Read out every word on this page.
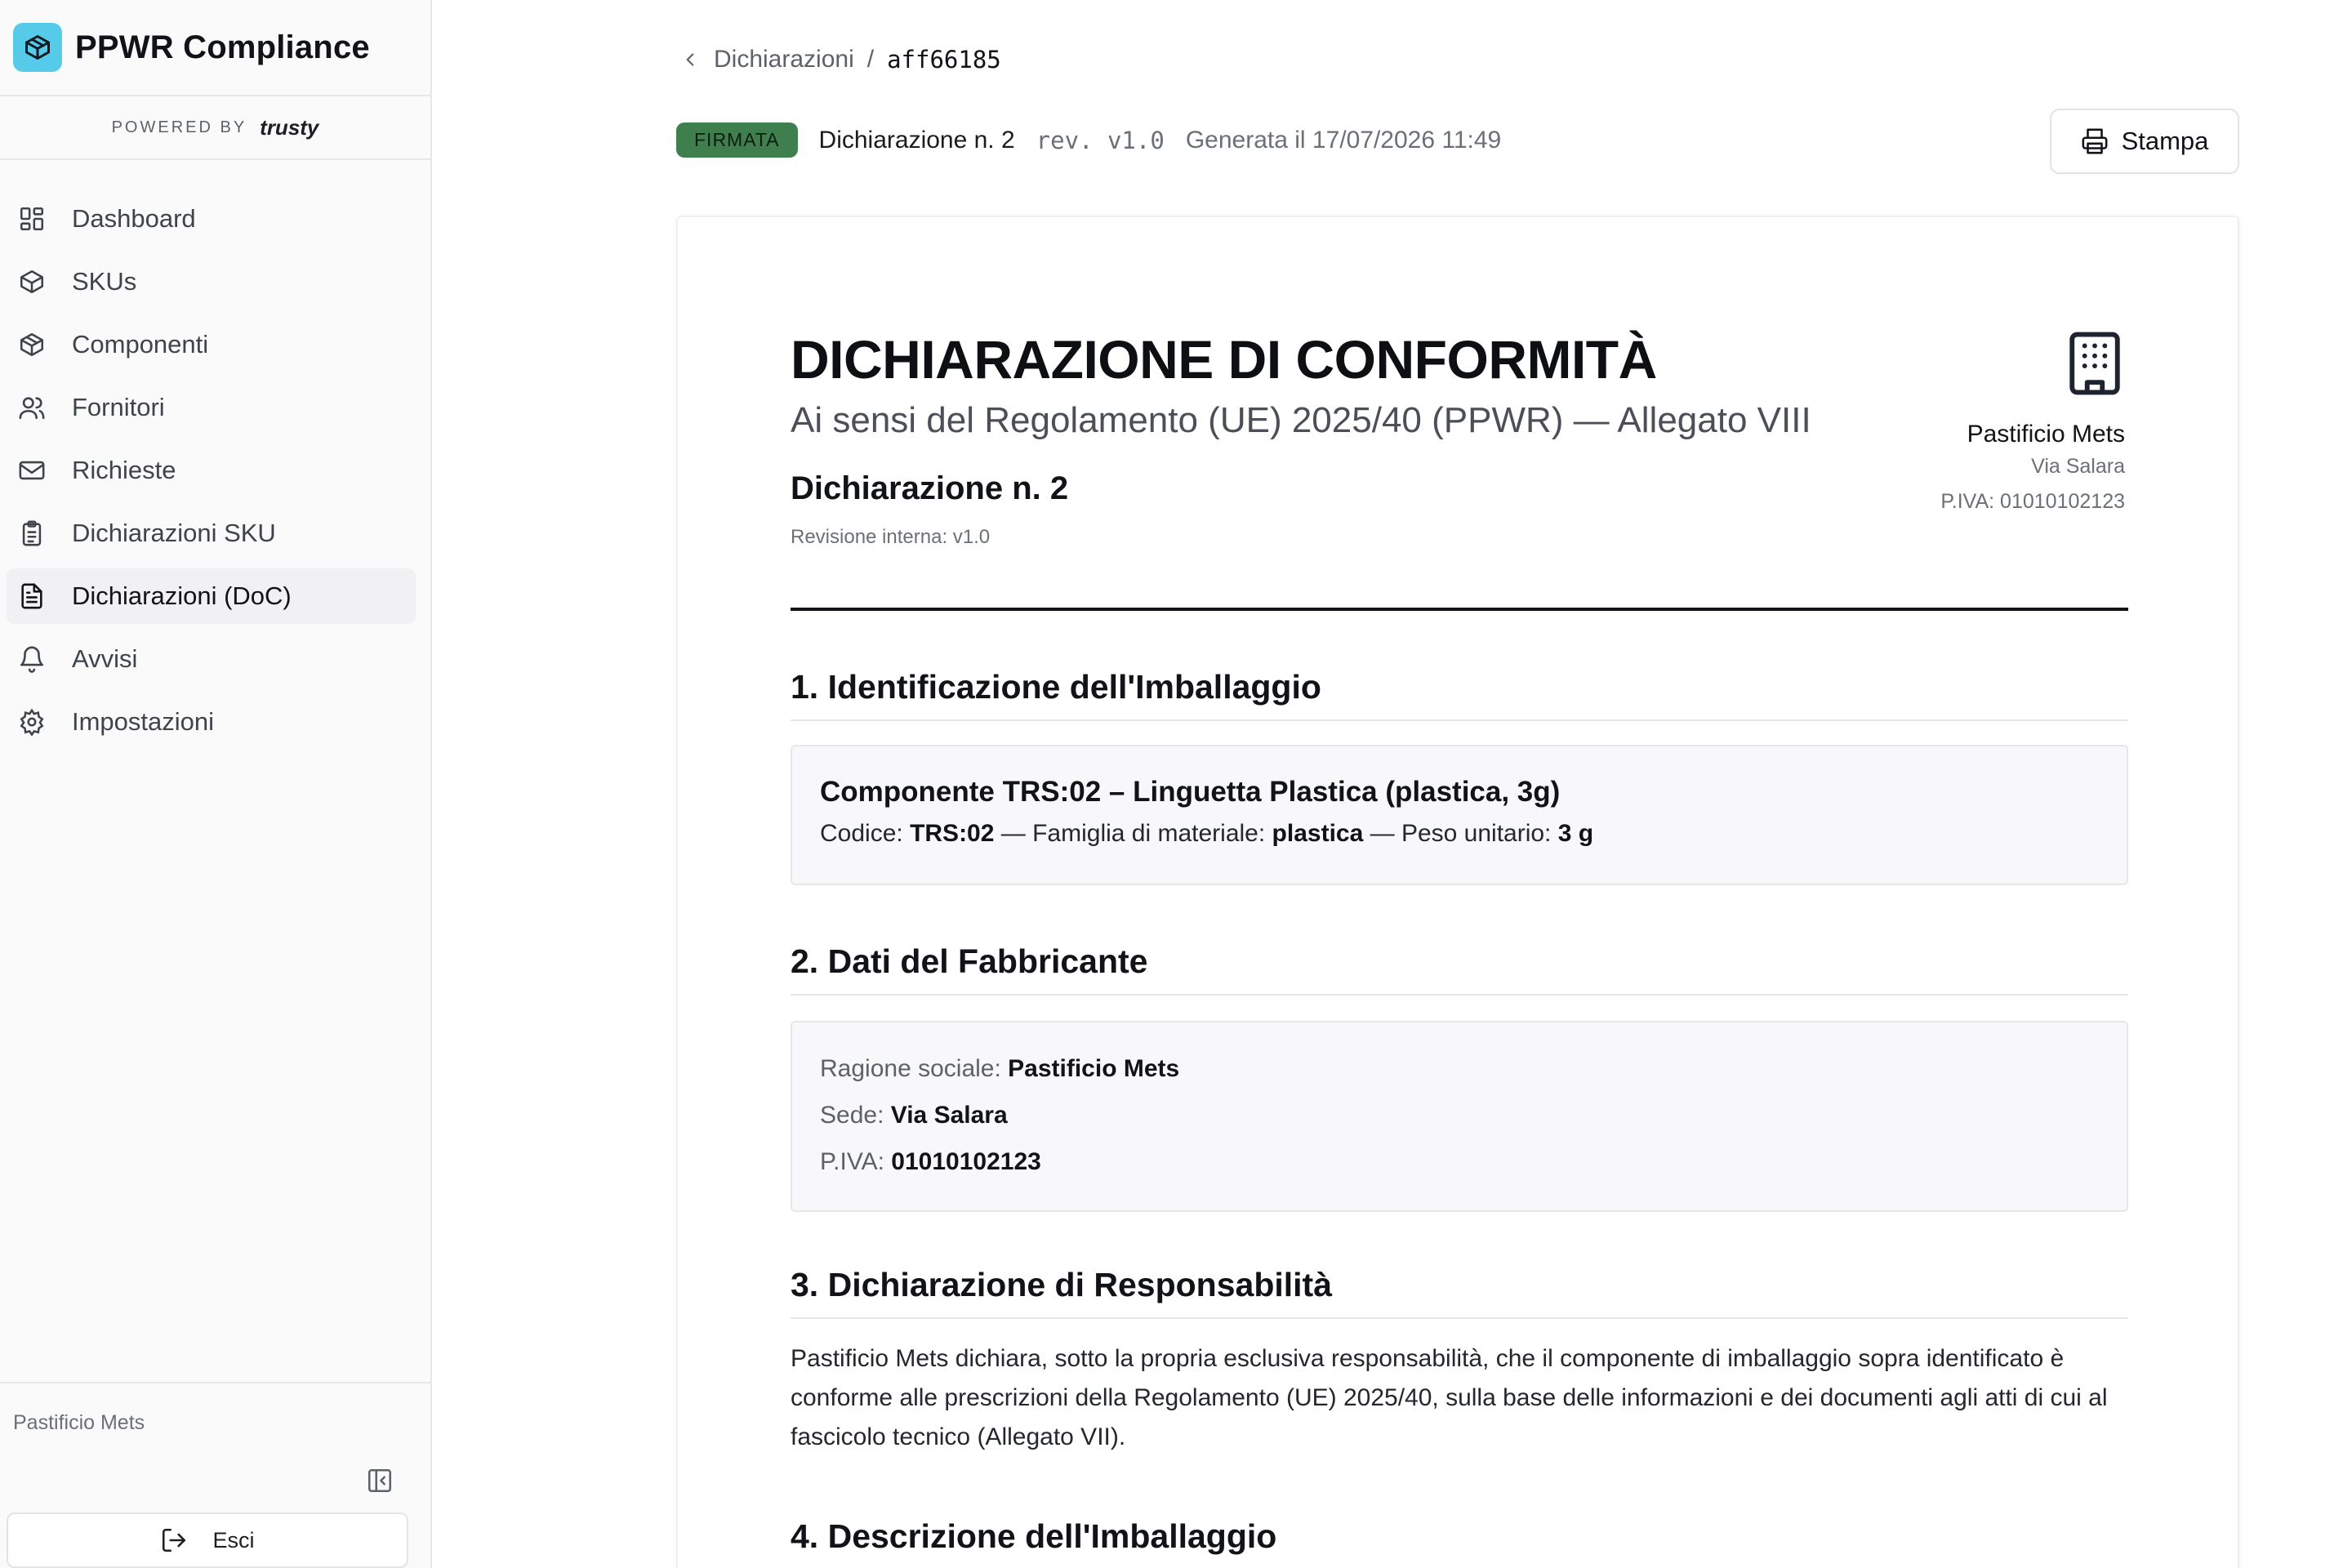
PPWR Compliance
POWERED BY trusty
Dashboard
SKUs
Componenti
Fornitori
Richieste
Dichiarazioni SKU
Dichiarazioni (DoC)
Avvisi
Impostazioni
Pastificio Mets
Esci
Dichiarazioni / aff66185
FIRMATA	Dichiarazione n. 2 rev. v1.0 Generata il 17/07/2026 11:49	Stampa
DICHIARAZIONE DI CONFORMITÀ
Ai sensi del Regolamento (UE) 2025/40 (PPWR) — Allegato VIII
Dichiarazione n. 2
Revisione interna: v1.0
Pastificio Mets
Via Salara
P.IVA: 01010102123
1. Identificazione dell'Imballaggio
Componente TRS:02 – Linguetta Plastica (plastica, 3g)
Codice: TRS:02 — Famiglia di materiale: plastica — Peso unitario: 3 g
2. Dati del Fabbricante
Ragione sociale: Pastificio Mets
Sede: Via Salara
P.IVA: 01010102123
3. Dichiarazione di Responsabilità
Pastificio Mets dichiara, sotto la propria esclusiva responsabilità, che il componente di imballaggio sopra identificato è conforme alle prescrizioni della Regolamento (UE) 2025/40, sulla base delle informazioni e dei documenti agli atti di cui al fascicolo tecnico (Allegato VII).
4. Descrizione dell'Imballaggio
